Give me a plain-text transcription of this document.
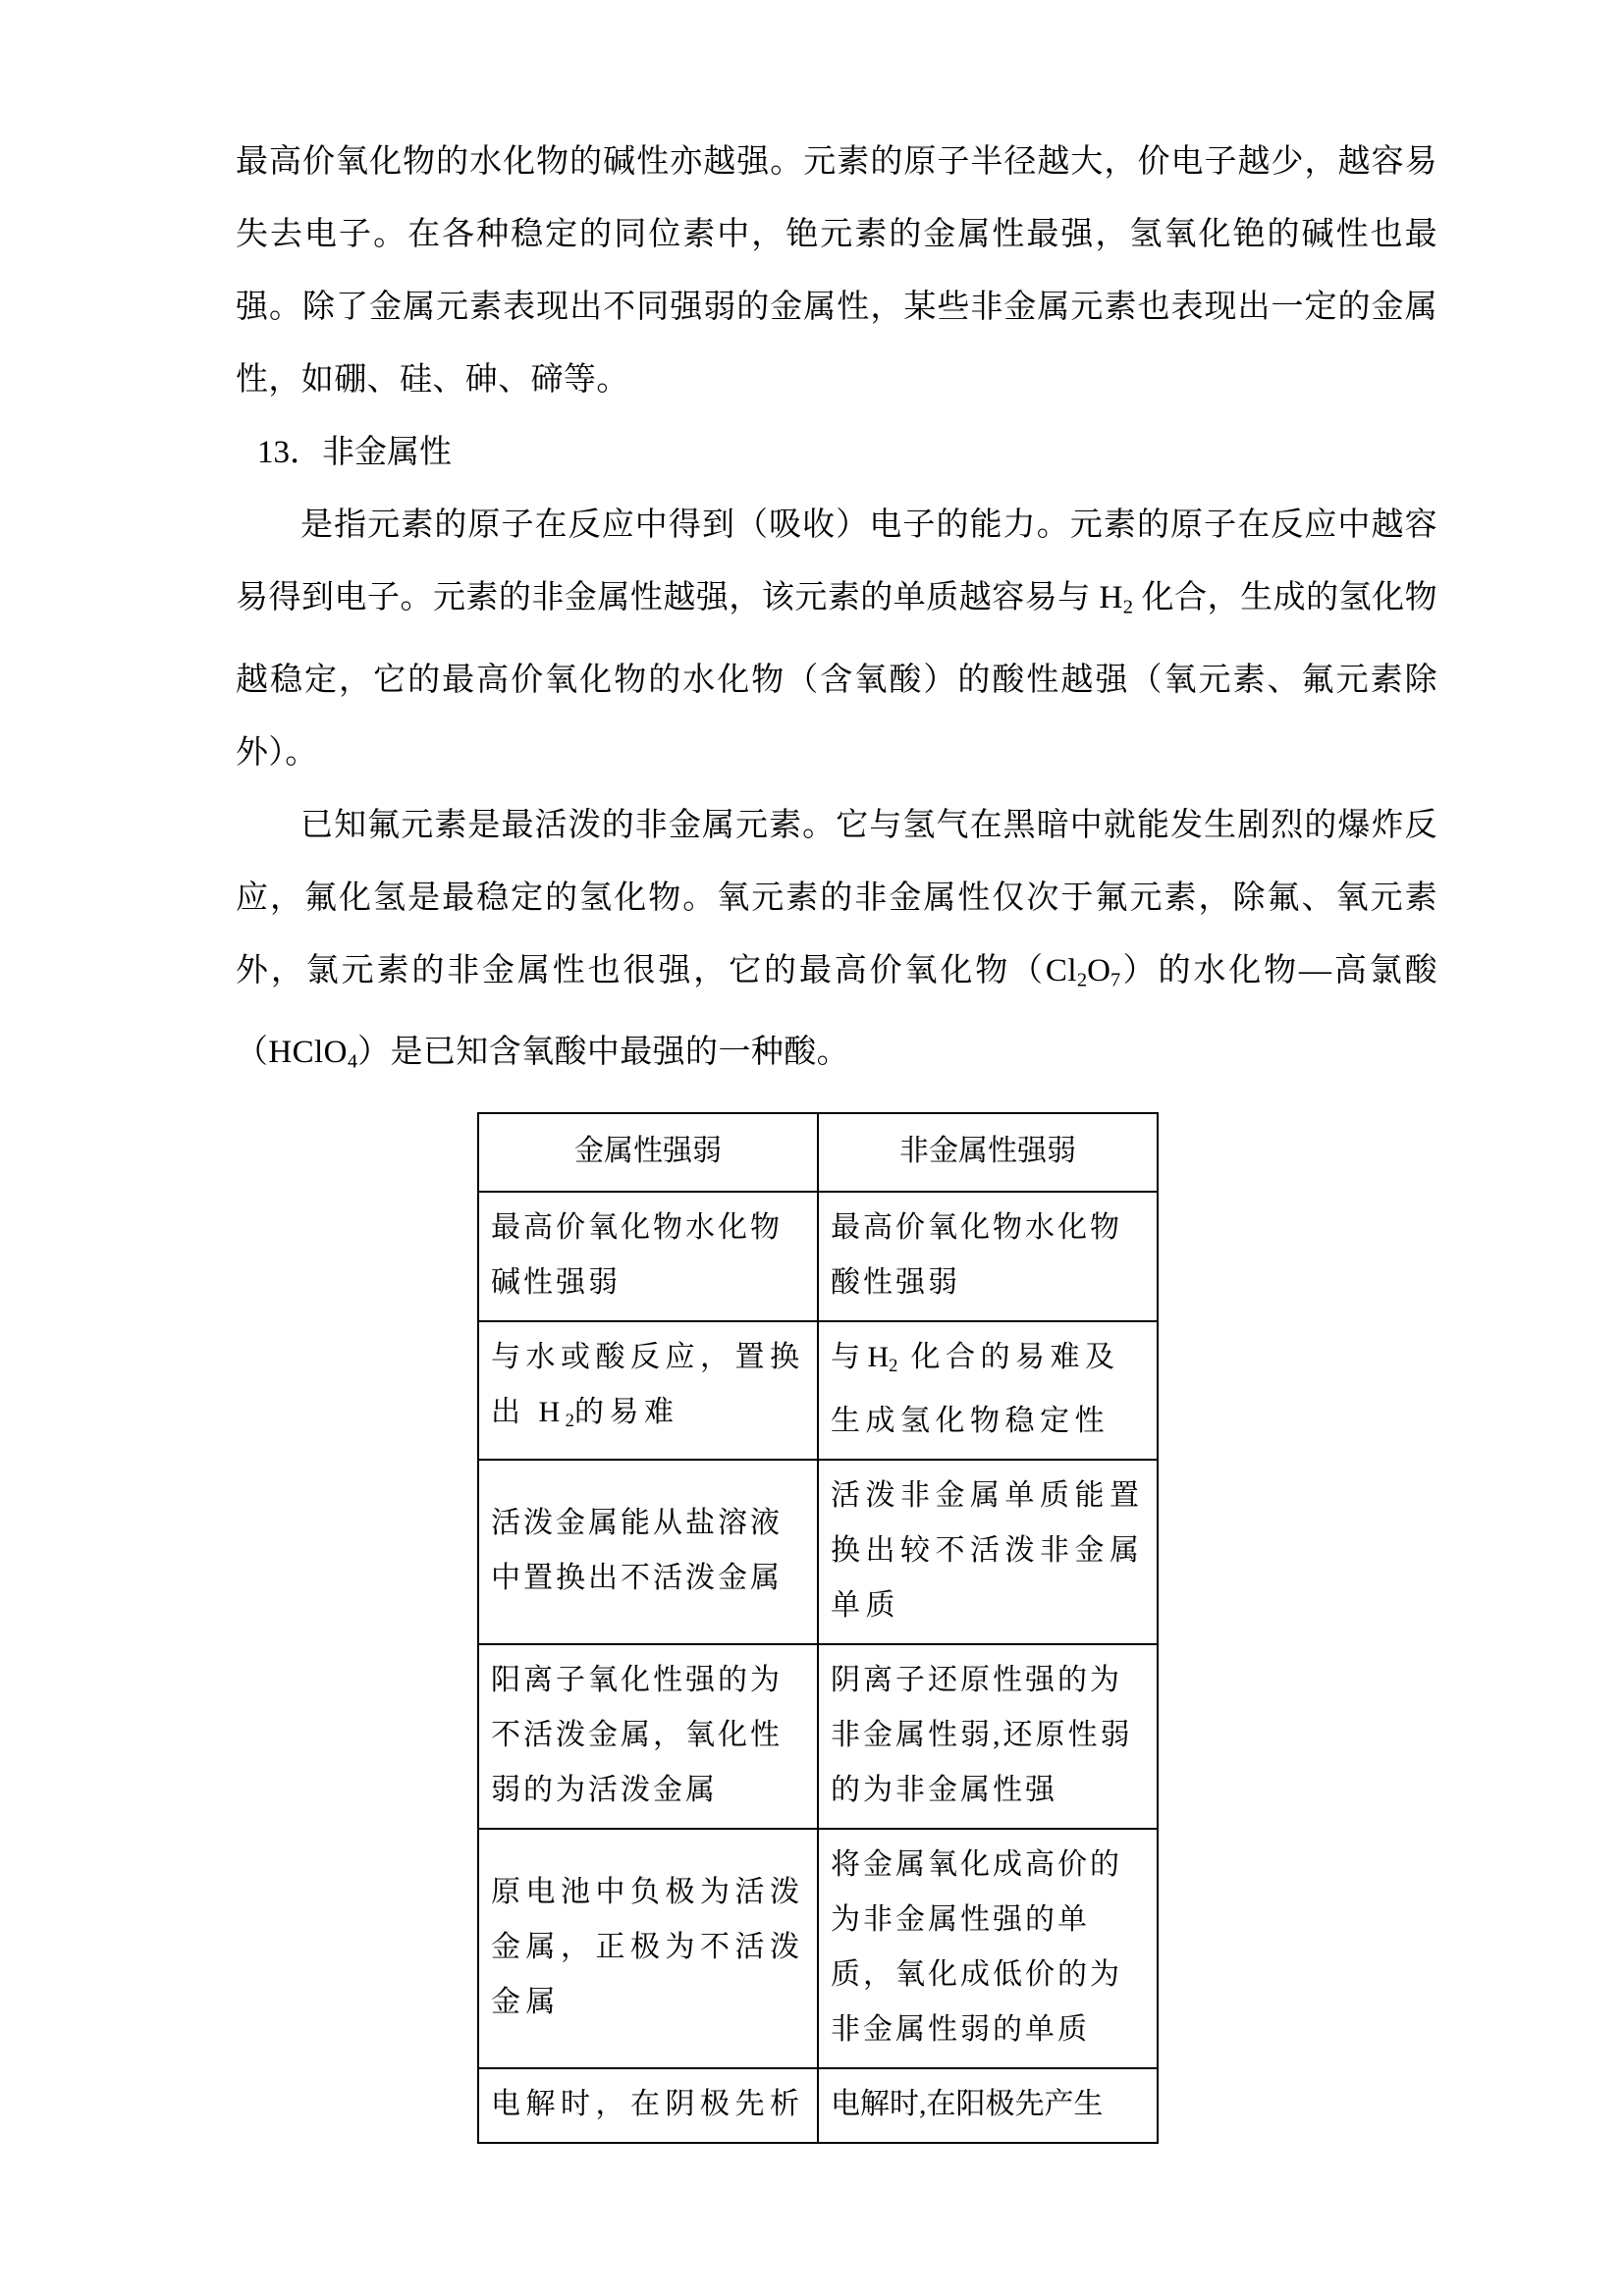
最高价氧化物的水化物的碱性亦越强。元素的原子半径越大，价电子越少，越容易失去电子。在各种稳定的同位素中，铯元素的金属性最强，氢氧化铯的碱性也最强。除了金属元素表现出不同强弱的金属性，某些非金属元素也表现出一定的金属性，如硼、硅、砷、碲等。

13．非金属性

是指元素的原子在反应中得到（吸收）电子的能力。元素的原子在反应中越容易得到电子。元素的非金属性越强，该元素的单质越容易与 $H_2$ 化合，生成的氢化物越稳定，它的最高价氧化物的水化物（含氧酸）的酸性越强（氧元素、氟元素除外）。

已知氟元素是最活泼的非金属元素。它与氢气在黑暗中就能发生剧烈的爆炸反应，氟化氢是最稳定的氢化物。氧元素的非金属性仅次于氟元素，除氟、氧元素外，氯元素的非金属性也很强，它的最高价氧化物$(Cl_2O_7)$的水化物—高氯酸（HClO$_4$）是已知含氧酸中最强的一种酸。

金属性强弱	非金属性强弱
最高价氧化物水化物碱性强弱	最高价氧化物水化物酸性强弱
与水或酸反应，置换出 $H_2$的易难	与 $H_2$ 化合的易难及生成氢化物稳定性
活泼金属能从盐溶液中置换出不活泼金属	活泼非金属单质能置换出较不活泼非金属单质
阳离子氧化性强的为不活泼金属，氧化性弱的为活泼金属	阴离子还原性强的为非金属性弱,还原性弱的为非金属性强
原电池中负极为活泼金属，正极为不活泼金属	将金属氧化成高价的为非金属性强的单质，氧化成低价的为非金属性弱的单质
电解时，在阴极先析	电解时,在阳极先产生
